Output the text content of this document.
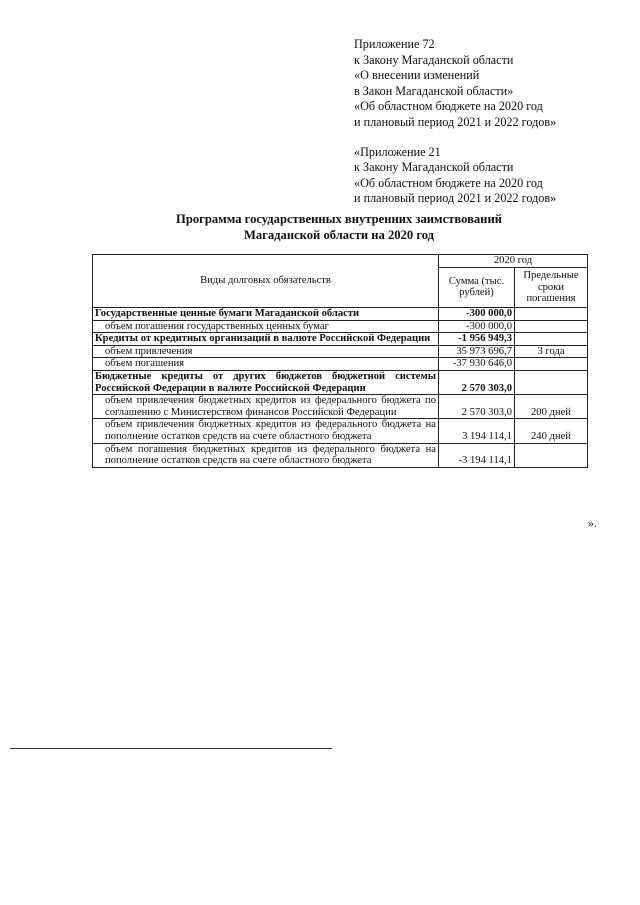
Приложение 72
к Закону Магаданской области
«О внесении изменений
в Закон Магаданской области»
«Об областном бюджете на 2020 год
и плановый период 2021 и 2022 годов»
«Приложение 21
к Закону Магаданской области
«Об областном бюджете на 2020 год
и плановый период 2021 и 2022 годов»
Программа государственных внутренних заимствований
Магаданской области на 2020 год
Виды долговых обязательств	2020 год	
	Сумма (тыс. рублей)	Предельные сроки погашения
Государственные ценные бумаги Магаданской области	-300 000,0	
объем погашения государственных ценных бумаг	-300 000,0	
Кредиты от кредитных организаций в валюте Российской Федерации	-1 956 949,3	
объем привлечения	35 973 696,7	3 года
объем погашения	-37 930 646,0	
Бюджетные кредиты от других бюджетов бюджетной системы Российской Федерации в валюте Российской Федерации	2 570 303,0	
объем привлечения бюджетных кредитов из федерального бюджета по соглашению с Министерством финансов Российской Федерации	2 570 303,0	200 дней
объем привлечения бюджетных кредитов из федерального бюджета на пополнение остатков средств на счете областного бюджета	3 194 114,1	240 дней
объем погашения бюджетных кредитов из федерального бюджета на пополнение остатков средств на счете областного бюджета	-3 194 114,1	
».
